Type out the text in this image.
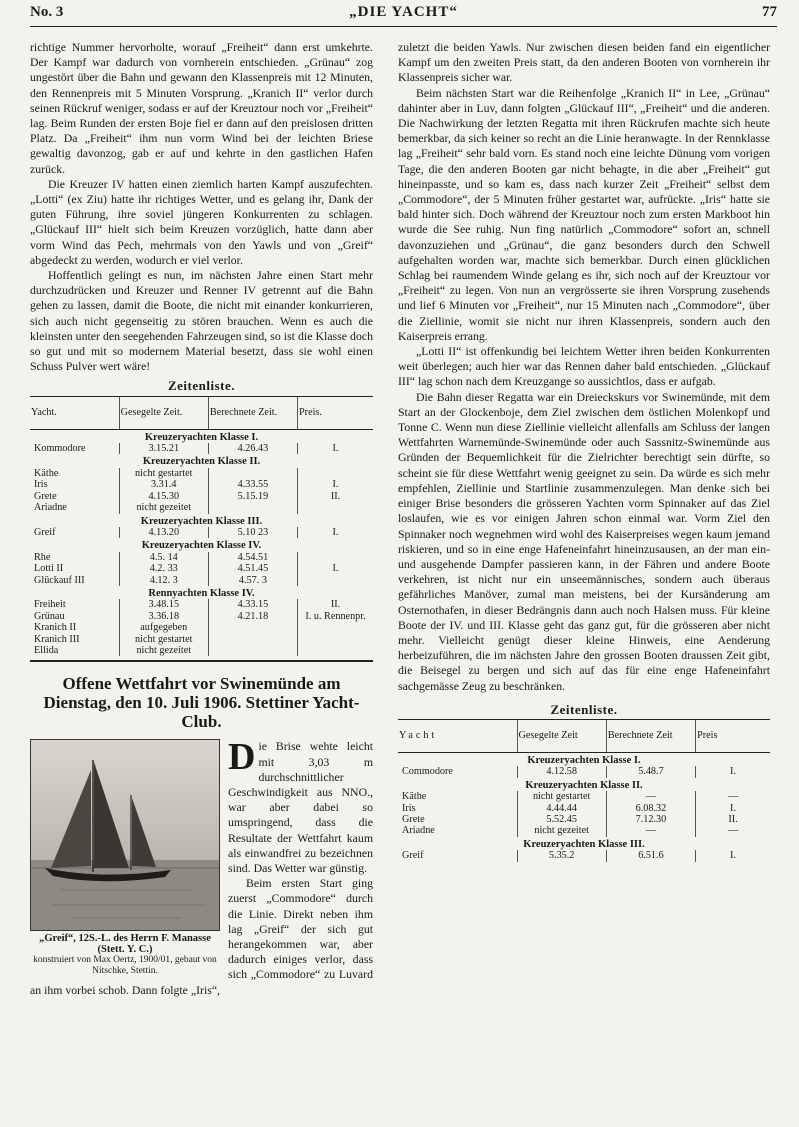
No. 3	„DIE YACHT“	77

richtige Nummer hervorholte, worauf „Freiheit“ dann erst umkehrte. Der Kampf war dadurch von vornherein entschieden. „Grünau“ zog ungestört über die Bahn und gewann den Klassenpreis mit 12 Minuten, den Rennenpreis mit 5 Minuten Vorsprung. „Kranich II“ verlor durch seinen Rückruf weniger, sodass er auf der Kreuztour noch vor „Freiheit“ lag. Beim Runden der ersten Boje fiel er dann auf den preislosen dritten Platz. Da „Freiheit“ ihm nun vorm Wind bei der leichten Briese gewaltig davonzog, gab er auf und kehrte in den gastlichen Hafen zurück.

Die Kreuzer IV hatten einen ziemlich harten Kampf auszufechten. „Lotti“ (ex Ziu) hatte ihr richtiges Wetter, und es gelang ihr, Dank der guten Führung, ihre soviel jüngeren Konkurrenten zu schlagen. „Glückauf III“ hielt sich beim Kreuzen vorzüglich, hatte dann aber vorm Wind das Pech, mehrmals von den Yawls und von „Greif“ abgedeckt zu werden, wodurch er viel verlor.

Hoffentlich gelingt es nun, im nächsten Jahre einen Start mehr durchzudrücken und Kreuzer und Renner IV getrennt auf die Bahn gehen zu lassen, damit die Boote, die nicht mit einander konkurrieren, sich auch nicht gegenseitig zu stören brauchen. Wenn es auch die kleinsten unter den seegehenden Fahrzeugen sind, so ist die Klasse doch so gut und mit so modernem Material besetzt, dass sie wohl einen Schuss Pulver wert wäre!

Zeitenliste.
Yacht.	Gesegelte Zeit.	Berechnete Zeit.	Preis.
Kreuzeryachten Klasse I.			
Kommodore	3.15.21	4.26.43	I.
Kreuzeryachten Klasse II.			
Käthe	nicht gestartet		
Iris	3.31.4	4.33.55	I.
Grete	4.15.30	5.15.19	II.
Ariadne	nicht gezeitet		
Kreuzeryachten Klasse III.			
Greif	4.13.20	5.10 23	I.
Kreuzeryachten Klasse IV.			
Rhe	4.5. 14	4.54.51	
Lotti II	4.2. 33	4.51.45	I.
Glückauf III	4.12. 3	4.57. 3	
Rennyachten Klasse IV.			
Freiheit	3.48.15	4.33.15	II.
Grünau	3.36.18	4.21.18	I. u. Rennenpr.
Kranich II	aufgegeben		
Kranich III	nicht gestartet		
Ellida	nicht gezeitet		
Offene Wettfahrt vor Swinemünde am Dienstag, den 10. Juli 1906. Stettiner Yacht-Club.
„Greif“, 12S.-L. des Herrn F. Manasse (Stett. Y. C.)
konstruiert von Max Oertz, 1900/01, gebaut von Nitschke, Stettin.
D ie Brise wehte leicht mit 3,03 m durchschnittlicher Geschwindigkeit aus NNO., war aber dabei so umspringend, dass die Resultate der Wettfahrt kaum als einwandfrei zu bezeichnen sind. Das Wetter war günstig.

Beim ersten Start ging zuerst „Commodore“ durch die Linie. Direkt neben ihm lag „Greif“ der sich gut herangekommen war, aber dadurch einiges verlor, dass sich „Commodore“ zu Luvard an ihm vorbei schob. Dann folgte „Iris“,

zuletzt die beiden Yawls. Nur zwischen diesen beiden fand ein eigentlicher Kampf um den zweiten Preis statt, da den anderen Booten von vornherein ihr Klassenpreis sicher war.

Beim nächsten Start war die Reihenfolge „Kranich II“ in Lee, „Grünau“ dahinter aber in Luv, dann folgten „Glückauf III“, „Freiheit“ und die anderen. Die Nachwirkung der letzten Regatta mit ihren Rückrufen machte sich heute bemerkbar, da sich keiner so recht an die Linie heranwagte. In der Rennklasse lag „Freiheit“ sehr bald vorn. Es stand noch eine leichte Dünung vom vorigen Tage, die den anderen Booten gar nicht behagte, in die aber „Freiheit“ gut hineinpasste, und so kam es, dass nach kurzer Zeit „Freiheit“ selbst dem „Commodore“, der 5 Minuten früher gestartet war, aufrückte. „Iris“ hatte sie bald hinter sich. Doch während der Kreuztour noch zum ersten Markboot hin wurde die See ruhig. Nun fing natürlich „Commodore“ sofort an, schnell davonzuziehen und „Grünau“, die ganz besonders durch den Schwell aufgehalten worden war, machte sich bemerkbar. Durch einen glücklichen Schlag bei raumendem Winde gelang es ihr, sich noch auf der Kreuztour vor „Freiheit“ zu legen. Von nun an vergrösserte sie ihren Vorsprung zusehends und lief 6 Minuten vor „Freiheit“, nur 15 Minuten nach „Commodore“, über die Ziellinie, womit sie nicht nur ihren Klassenpreis, sondern auch den Kaiserpreis errang.

„Lotti II“ ist offenkundig bei leichtem Wetter ihren beiden Konkurrenten weit überlegen; auch hier war das Rennen daher bald entschieden. „Glückauf III“ lag schon nach dem Kreuzgange so aussichtlos, dass er aufgab.

Die Bahn dieser Regatta war ein Dreieckskurs vor Swinemünde, mit dem Start an der Glockenboje, dem Ziel zwischen dem östlichen Molenkopf und Tonne C. Wenn nun diese Ziellinie vielleicht allenfalls am Schluss der langen Wettfahrten Warnemünde-Swinemünde oder auch Sassnitz-Swinemünde aus Gründen der Bequemlichkeit für die Zielrichter berechtigt sein dürfte, so scheint sie für diese Wettfahrt wenig geeignet zu sein. Da würde es sich mehr empfehlen, Ziellinie und Startlinie zusammenzulegen. Man denke sich bei einiger Brise besonders die grösseren Yachten vorm Spinnaker auf das Ziel loslaufen, wie es vor einigen Jahren schon einmal war. Vorm Ziel den Spinnaker noch wegnehmen wird wohl des Kaiserpreises wegen kaum jemand riskieren, und so in eine enge Hafeneinfahrt hineinzusausen, an der man ein- und ausgehende Dampfer passieren kann, in der Fähren und andere Boote verkehren, ist nicht nur ein unseemännisches, sondern auch überaus gefährliches Manöver, zumal man meistens, bei der Kursänderung am Osternothafen, in dieser Bedrängnis dann auch noch Halsen muss. Für kleine Boote der IV. und III. Klasse geht das ganz gut, für die grösseren aber nicht mehr. Vielleicht genügt dieser kleine Hinweis, eine Aenderung herbeizuführen, die im nächsten Jahre den grossen Booten draussen Zeit gibt, die Beisegel zu bergen und sich auf das für eine enge Hafeneinfahrt sachgemässe Zeug zu beschränken.

Zeitenliste.
Yacht	Gesegelte Zeit	Berechnete Zeit	Preis
Kreuzeryachten Klasse I.			
Commodore	4.12.58	5.48.7	I.
Kreuzeryachten Klasse II.			
Käthe	nicht gestartet	—	—
Iris	4.44.44	6.08.32	I.
Grete	5.52.45	7.12.30	II.
Ariadne	nicht gezeitet	—	—
Kreuzeryachten Klasse III.			
Greif	5.35.2	6.51.6	I.
